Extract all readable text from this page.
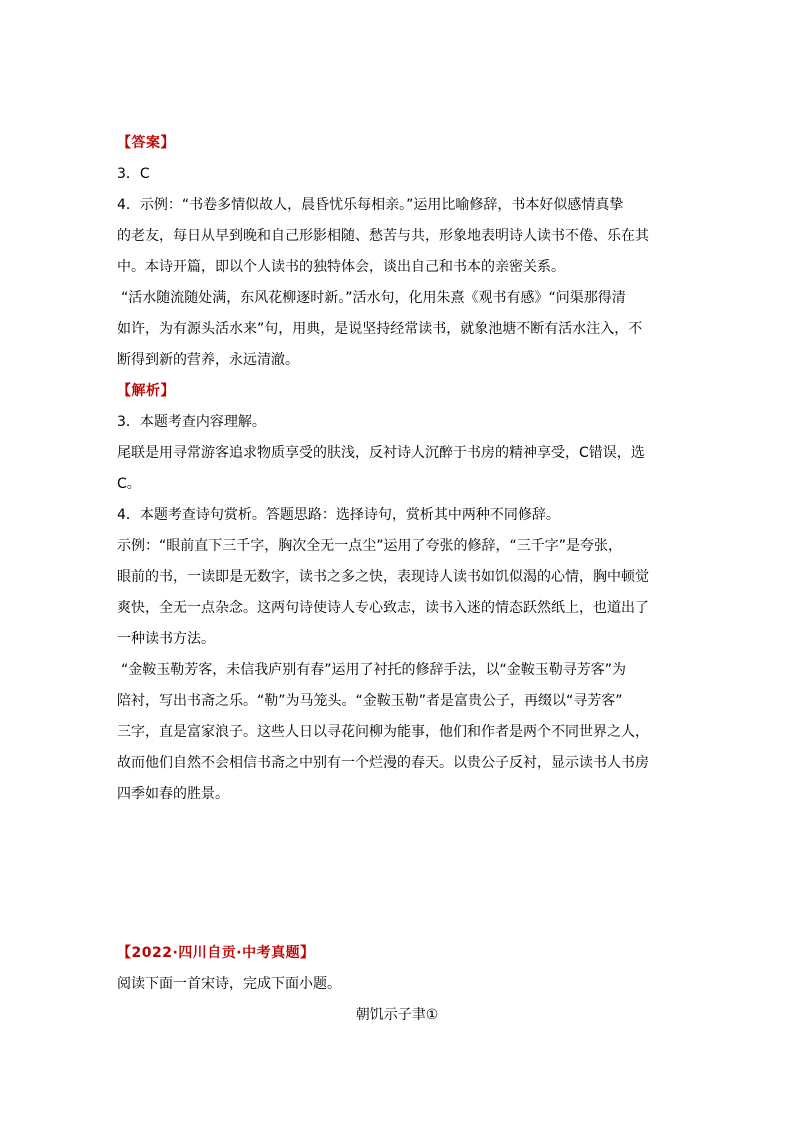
【答案】
3．C
4．示例：“书卷多情似故人，晨昏忧乐每相亲。”运用比喻修辞，书本好似感情真挚
的老友，每日从早到晚和自己形影相随、愁苦与共，形象地表明诗人读书不倦、乐在其
中。本诗开篇，即以个人读书的独特体会，谈出自己和书本的亲密关系。
“活水随流随处满，东风花柳逐时新。”活水句，化用朱熹《观书有感》“问渠那得清
如许，为有源头活水来”句，用典，是说坚持经常读书，就象池塘不断有活水注入，不
断得到新的营养，永远清澈。
【解析】
3．本题考查内容理解。
尾联是用寻常游客追求物质享受的肤浅，反衬诗人沉醉于书房的精神享受，C错误，选
C。
4．本题考查诗句赏析。答题思路：选择诗句，赏析其中两种不同修辞。
示例：“眼前直下三千字，胸次全无一点尘”运用了夸张的修辞，“三千字”是夸张，
眼前的书，一读即是无数字，读书之多之快，表现诗人读书如饥似渴的心情，胸中顿觉
爽快，全无一点杂念。这两句诗使诗人专心致志，读书入迷的情态跃然纸上，也道出了
一种读书方法。
“金鞍玉勒芳客，未信我庐别有春”运用了衬托的修辞手法，以“金鞍玉勒寻芳客”为
陪衬，写出书斋之乐。“勒”为马笼头。“金鞍玉勒”者是富贵公子，再缀以“寻芳客”
三字，直是富家浪子。这些人日以寻花问柳为能事，他们和作者是两个不同世界之人，
故而他们自然不会相信书斋之中别有一个烂漫的春天。以贵公子反衬，显示读书人书房
四季如春的胜景。
【2022·四川自贡·中考真题】
阅读下面一首宋诗，完成下面小题。
朝饥示子聿①
